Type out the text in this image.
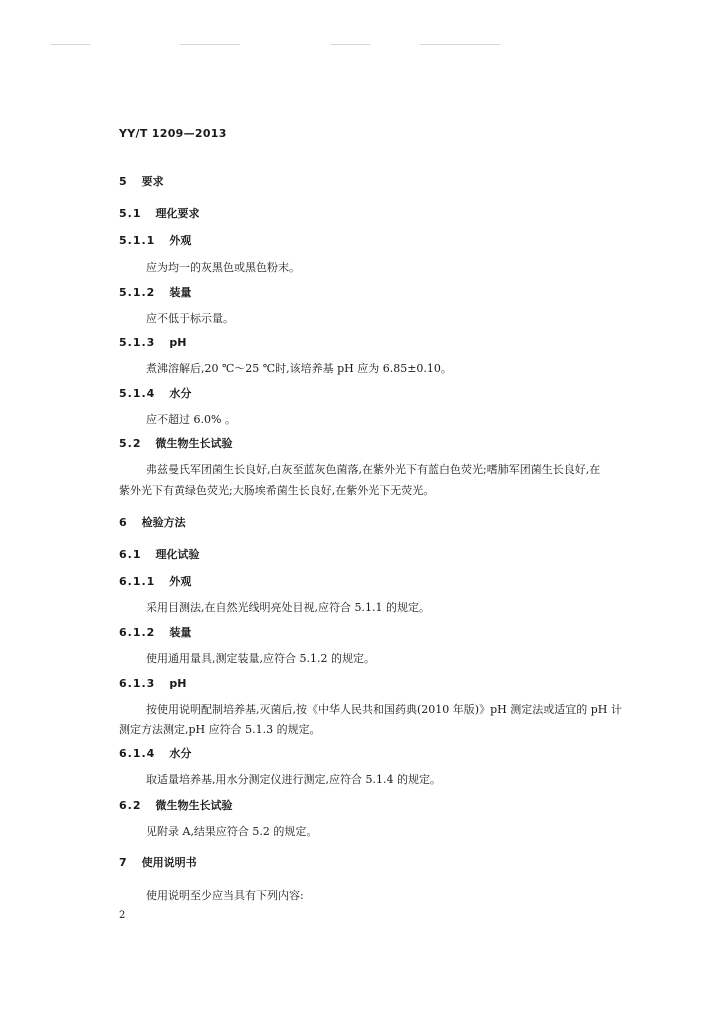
YY/T 1209—2013
5 要求
5.1 理化要求
5.1.1 外观
应为均一的灰黑色或黑色粉末。
5.1.2 装量
应不低于标示量。
5.1.3 pH
煮沸溶解后,20 ℃～25 ℃时,该培养基 pH 应为 6.85±0.10。
5.1.4 水分
应不超过 6.0% 。
5.2 微生物生长试验
弗兹曼氏军团菌生长良好,白灰至蓝灰色菌落,在紫外光下有蓝白色荧光;嗜肺军团菌生长良好,在
紫外光下有黄绿色荧光;大肠埃希菌生长良好,在紫外光下无荧光。
6 检验方法
6.1 理化试验
6.1.1 外观
采用目测法,在自然光线明亮处目视,应符合 5.1.1 的规定。
6.1.2 装量
使用通用量具,测定装量,应符合 5.1.2 的规定。
6.1.3 pH
按使用说明配制培养基,灭菌后,按《中华人民共和国药典(2010 年版)》pH 测定法或适宜的 pH 计
测定方法测定,pH 应符合 5.1.3 的规定。
6.1.4 水分
取适量培养基,用水分测定仪进行测定,应符合 5.1.4 的规定。
6.2 微生物生长试验
见附录 A,结果应符合 5.2 的规定。
7 使用说明书
使用说明至少应当具有下列内容:
2
